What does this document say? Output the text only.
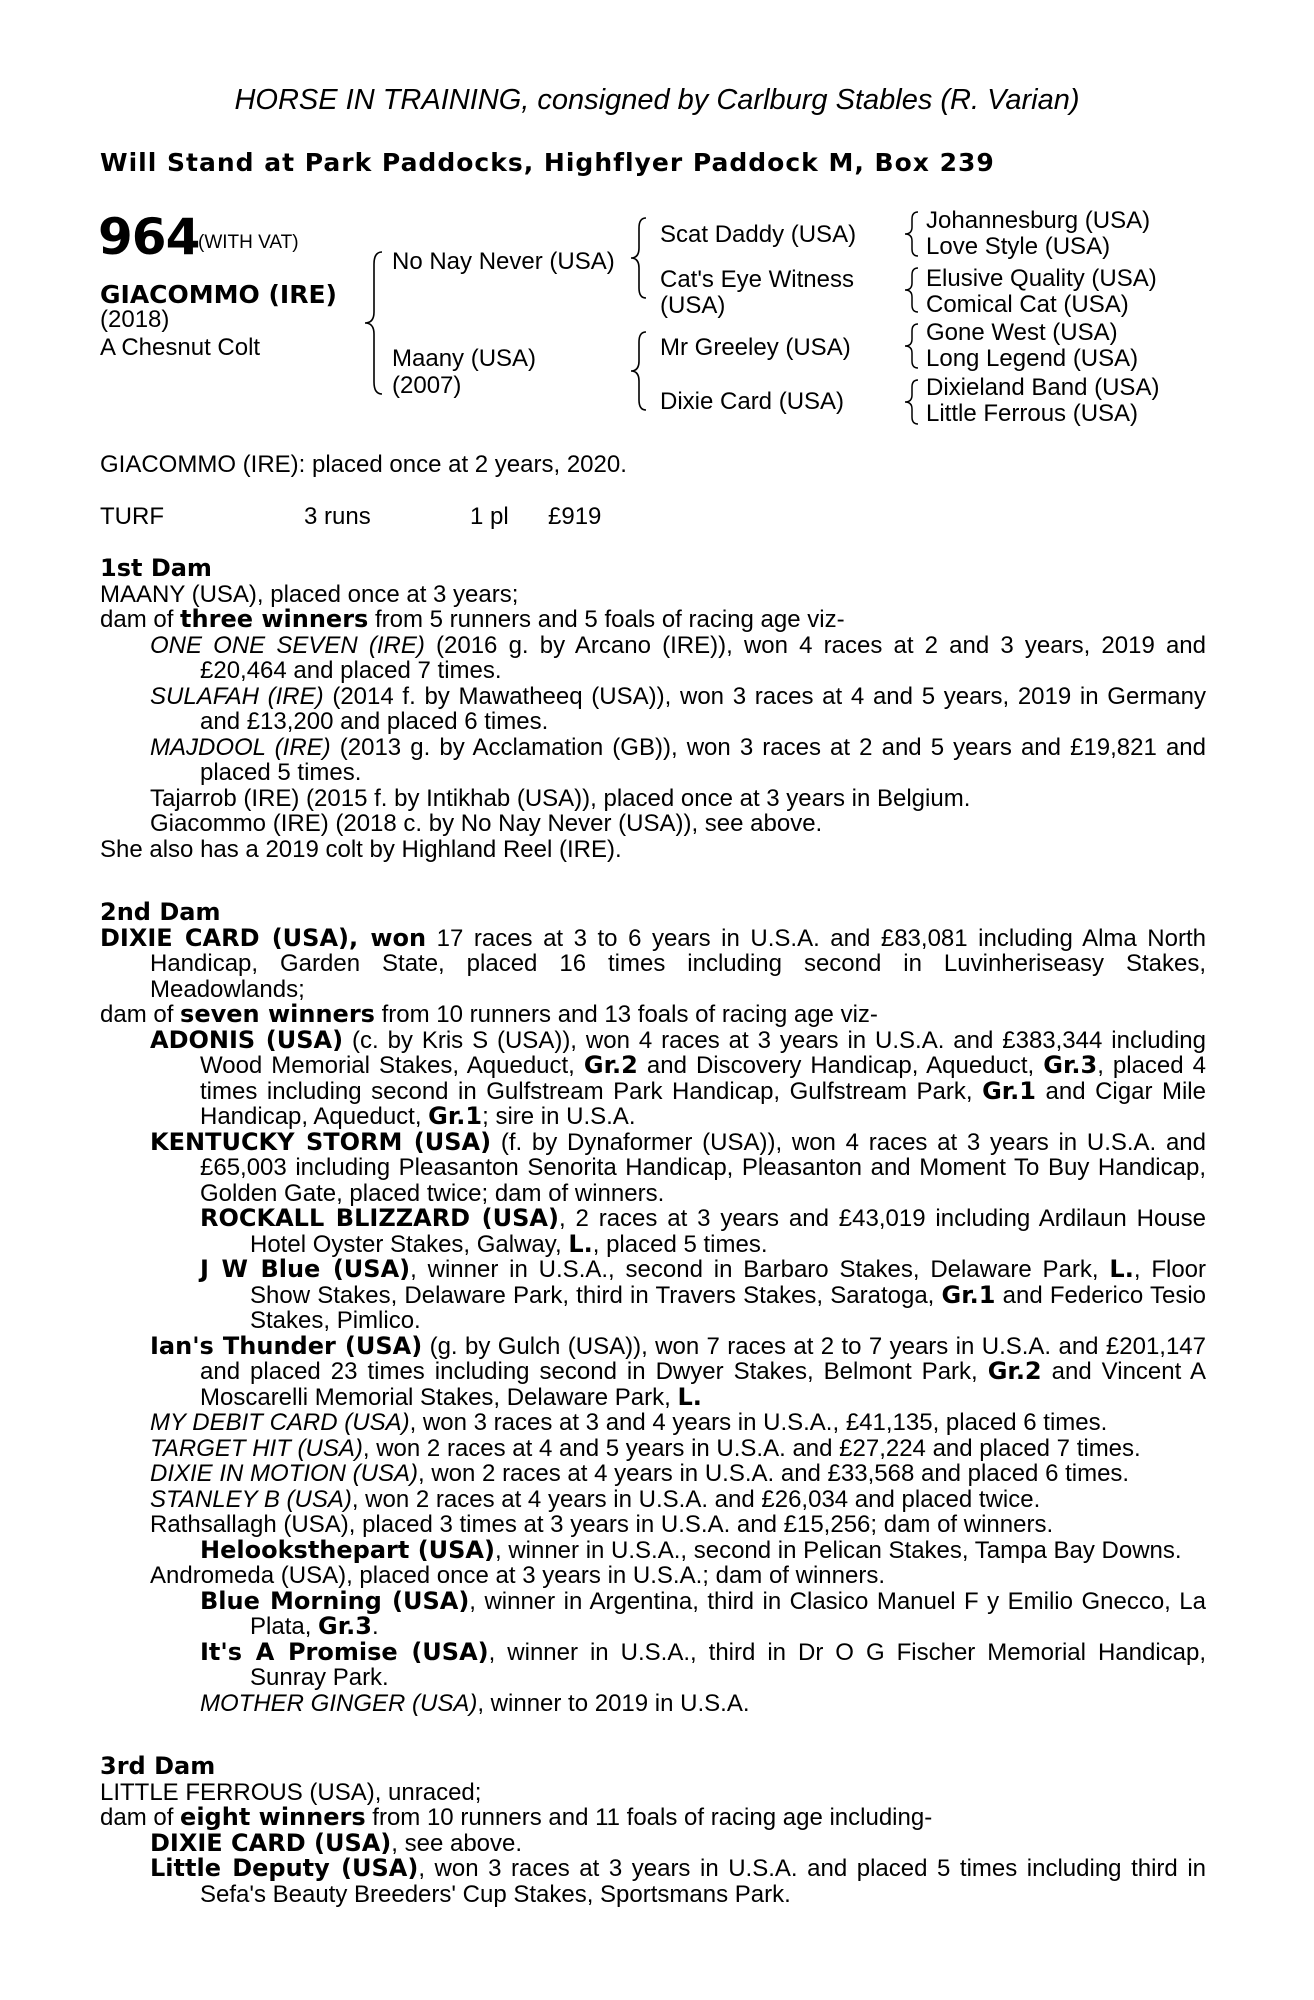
HORSE IN TRAINING, consigned by Carlburg Stables (R. Varian)
Will Stand at Park Paddocks, Highflyer Paddock M, Box 239
964
(WITH VAT)
GIACOMMO (IRE)
(2018)
A Chesnut Colt
No Nay Never (USA)
Maany (USA)
(2007)
Scat Daddy (USA)
Cat's Eye Witness
(USA)
Mr Greeley (USA)
Dixie Card (USA)
Johannesburg (USA)
Love Style (USA)
Elusive Quality (USA)
Comical Cat (USA)
Gone West (USA)
Long Legend (USA)
Dixieland Band (USA)
Little Ferrous (USA)
GIACOMMO (IRE): placed once at 2 years, 2020.
TURF	3 runs	1 pl £919
1st Dam

MAANY (USA), placed once at 3 years;

dam of three winners from 5 runners and 5 foals of racing age viz-

ONE ONE SEVEN (IRE) (2016 g. by Arcano (IRE)), won 4 races at 2 and 3 years, 2019 and £20,464 and placed 7 times.

SULAFAH (IRE) (2014 f. by Mawatheeq (USA)), won 3 races at 4 and 5 years, 2019 in Germany and £13,200 and placed 6 times.

MAJDOOL (IRE) (2013 g. by Acclamation (GB)), won 3 races at 2 and 5 years and £19,821 and placed 5 times.

Tajarrob (IRE) (2015 f. by Intikhab (USA)), placed once at 3 years in Belgium.

Giacommo (IRE) (2018 c. by No Nay Never (USA)), see above.

She also has a 2019 colt by Highland Reel (IRE).

2nd Dam

DIXIE CARD (USA), won 17 races at 3 to 6 years in U.S.A. and £83,081 including Alma North Handicap, Garden State, placed 16 times including second in Luvinheriseasy Stakes, Meadowlands;

dam of seven winners from 10 runners and 13 foals of racing age viz-

ADONIS (USA) (c. by Kris S (USA)), won 4 races at 3 years in U.S.A. and £383,344 including Wood Memorial Stakes, Aqueduct, Gr.2 and Discovery Handicap, Aqueduct, Gr.3, placed 4 times including second in Gulfstream Park Handicap, Gulfstream Park, Gr.1 and Cigar Mile Handicap, Aqueduct, Gr.1; sire in U.S.A.

KENTUCKY STORM (USA) (f. by Dynaformer (USA)), won 4 races at 3 years in U.S.A. and £65,003 including Pleasanton Senorita Handicap, Pleasanton and Moment To Buy Handicap, Golden Gate, placed twice; dam of winners.

ROCKALL BLIZZARD (USA), 2 races at 3 years and £43,019 including Ardilaun House Hotel Oyster Stakes, Galway, L., placed 5 times.

J W Blue (USA), winner in U.S.A., second in Barbaro Stakes, Delaware Park, L., Floor Show Stakes, Delaware Park, third in Travers Stakes, Saratoga, Gr.1 and Federico Tesio Stakes, Pimlico.

Ian's Thunder (USA) (g. by Gulch (USA)), won 7 races at 2 to 7 years in U.S.A. and £201,147 and placed 23 times including second in Dwyer Stakes, Belmont Park, Gr.2 and Vincent A Moscarelli Memorial Stakes, Delaware Park, L.

MY DEBIT CARD (USA), won 3 races at 3 and 4 years in U.S.A., £41,135, placed 6 times.

TARGET HIT (USA), won 2 races at 4 and 5 years in U.S.A. and £27,224 and placed 7 times.

DIXIE IN MOTION (USA), won 2 races at 4 years in U.S.A. and £33,568 and placed 6 times.

STANLEY B (USA), won 2 races at 4 years in U.S.A. and £26,034 and placed twice.

Rathsallagh (USA), placed 3 times at 3 years in U.S.A. and £15,256; dam of winners.

Helooksthepart (USA), winner in U.S.A., second in Pelican Stakes, Tampa Bay Downs.

Andromeda (USA), placed once at 3 years in U.S.A.; dam of winners.

Blue Morning (USA), winner in Argentina, third in Clasico Manuel F y Emilio Gnecco, La Plata, Gr.3.

It's A Promise (USA), winner in U.S.A., third in Dr O G Fischer Memorial Handicap, Sunray Park.

MOTHER GINGER (USA), winner to 2019 in U.S.A.

3rd Dam

LITTLE FERROUS (USA), unraced;

dam of eight winners from 10 runners and 11 foals of racing age including-

DIXIE CARD (USA), see above.

Little Deputy (USA), won 3 races at 3 years in U.S.A. and placed 5 times including third in Sefa's Beauty Breeders' Cup Stakes, Sportsmans Park.
